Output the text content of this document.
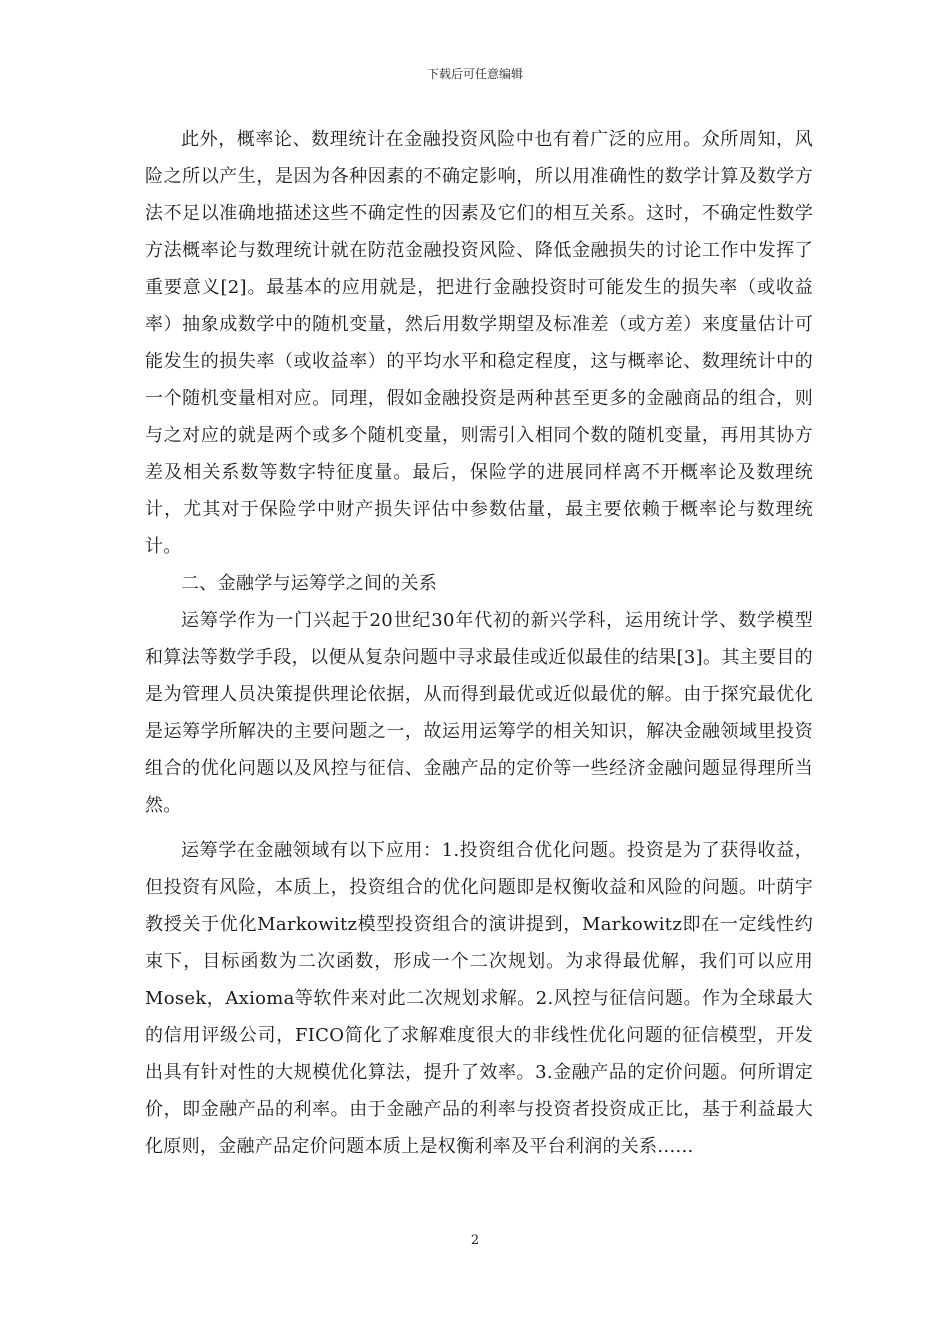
下载后可任意编辑

此外，概率论、数理统计在金融投资风险中也有着广泛的应用。众所周知，风险之所以产生，是因为各种因素的不确定影响，所以用准确性的数学计算及数学方法不足以准确地描述这些不确定性的因素及它们的相互关系。这时，不确定性数学方法概率论与数理统计就在防范金融投资风险、降低金融损失的讨论工作中发挥了重要意义[2]。最基本的应用就是，把进行金融投资时可能发生的损失率（或收益率）抽象成数学中的随机变量，然后用数学期望及标准差（或方差）来度量估计可能发生的损失率（或收益率）的平均水平和稳定程度，这与概率论、数理统计中的一个随机变量相对应。同理，假如金融投资是两种甚至更多的金融商品的组合，则与之对应的就是两个或多个随机变量，则需引入相同个数的随机变量，再用其协方差及相关系数等数字特征度量。最后，保险学的进展同样离不开概率论及数理统计，尤其对于保险学中财产损失评估中参数估量，最主要依赖于概率论与数理统计。

二、金融学与运筹学之间的关系

运筹学作为一门兴起于20世纪30年代初的新兴学科，运用统计学、数学模型和算法等数学手段，以便从复杂问题中寻求最佳或近似最佳的结果[3]。其主要目的是为管理人员决策提供理论依据，从而得到最优或近似最优的解。由于探究最优化是运筹学所解决的主要问题之一，故运用运筹学的相关知识，解决金融领域里投资组合的优化问题以及风控与征信、金融产品的定价等一些经济金融问题显得理所当然。

运筹学在金融领域有以下应用：1.投资组合优化问题。投资是为了获得收益，但投资有风险，本质上，投资组合的优化问题即是权衡收益和风险的问题。叶荫宇教授关于优化Markowitz模型投资组合的演讲提到，Markowitz即在一定线性约束下，目标函数为二次函数，形成一个二次规划。为求得最优解，我们可以应用Mosek，Axioma等软件来对此二次规划求解。2.风控与征信问题。作为全球最大的信用评级公司，FICO简化了求解难度很大的非线性优化问题的征信模型，开发出具有针对性的大规模优化算法，提升了效率。3.金融产品的定价问题。何所谓定价，即金融产品的利率。由于金融产品的利率与投资者投资成正比，基于利益最大化原则，金融产品定价问题本质上是权衡利率及平台利润的关系......

2
